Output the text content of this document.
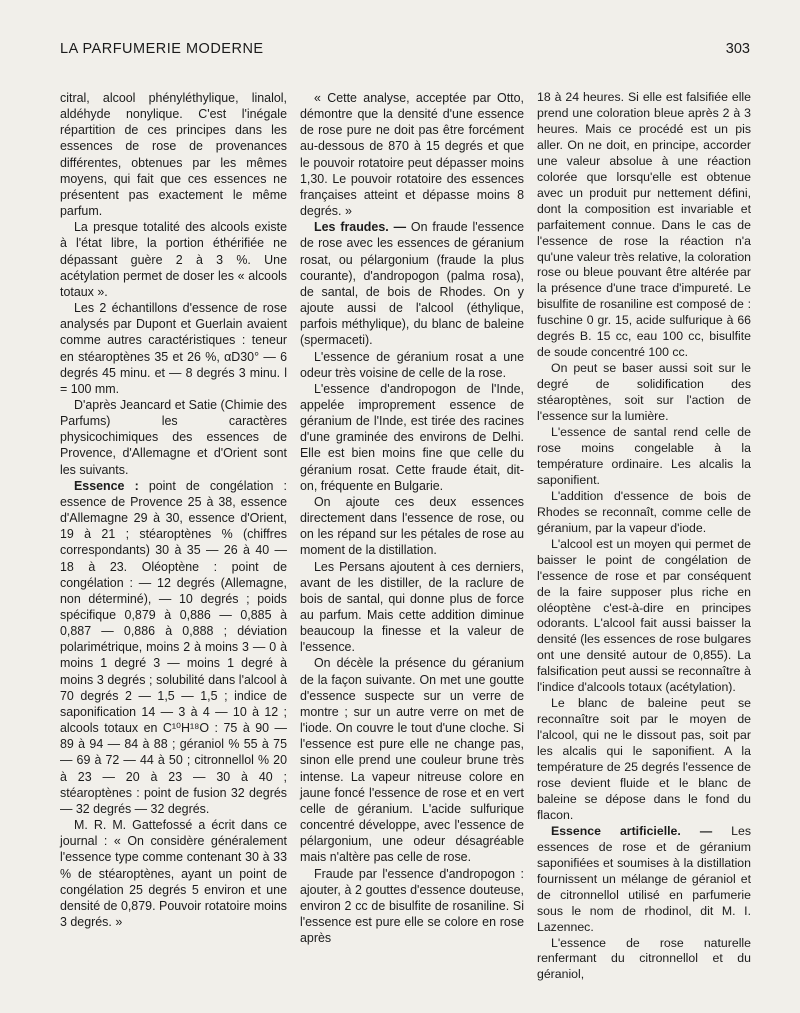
LA PARFUMERIE MODERNE	303

citral, alcool phényléthylique, linalol, aldéhyde nonylique. C'est l'inégale répartition de ces principes dans les essences de rose de provenances différentes, obtenues par les mêmes moyens, qui fait que ces essences ne présentent pas exactement le même parfum.

La presque totalité des alcools existe à l'état libre, la portion éthérifiée ne dépassant guère 2 à 3 %. Une acétylation permet de doser les « alcools totaux ».

Les 2 échantillons d'essence de rose analysés par Dupont et Guerlain avaient comme autres caractéristiques : teneur en stéaroptènes 35 et 26 %, αD30° — 6 degrés 45 minu. et — 8 degrés 3 minu. l = 100 mm.

D'après Jeancard et Satie (Chimie des Parfums) les caractères physicochimiques des essences de Provence, d'Allemagne et d'Orient sont les suivants.

Essence : point de congélation : essence de Provence 25 à 38, essence d'Allemagne 29 à 30, essence d'Orient, 19 à 21 ; stéaroptènes % (chiffres correspondants) 30 à 35 — 26 à 40 — 18 à 23. Oléoptène : point de congélation : — 12 degrés (Allemagne, non déterminé), — 10 degrés ; poids spécifique 0,879 à 0,886 — 0,885 à 0,887 — 0,886 à 0,888 ; déviation polarimétrique, moins 2 à moins 3 — 0 à moins 1 degré 3 — moins 1 degré à moins 3 degrés ; solubilité dans l'alcool à 70 degrés 2 — 1,5 — 1,5 ; indice de saponification 14 — 3 à 4 — 10 à 12 ; alcools totaux en C¹⁰H¹⁸O : 75 à 90 — 89 à 94 — 84 à 88 ; géraniol % 55 à 75 — 69 à 72 — 44 à 50 ; citronnellol % 20 à 23 — 20 à 23 — 30 à 40 ; stéaroptènes : point de fusion 32 degrés — 32 degrés — 32 degrés.

M. R. M. Gattefossé a écrit dans ce journal : « On considère généralement l'essence type comme contenant 30 à 33 % de stéaroptènes, ayant un point de congélation 25 degrés 5 environ et une densité de 0,879. Pouvoir rotatoire moins 3 degrés. »

« Cette analyse, acceptée par Otto, démontre que la densité d'une essence de rose pure ne doit pas être forcément au-dessous de 870 à 15 degrés et que le pouvoir rotatoire peut dépasser moins 1,30. Le pouvoir rotatoire des essences françaises atteint et dépasse moins 8 degrés. »

Les fraudes. — On fraude l'essence de rose avec les essences de géranium rosat, ou pélargonium (fraude la plus courante), d'andropogon (palma rosa), de santal, de bois de Rhodes. On y ajoute aussi de l'alcool (éthylique, parfois méthylique), du blanc de baleine (spermaceti).

L'essence de géranium rosat a une odeur très voisine de celle de la rose.

L'essence d'andropogon de l'Inde, appelée improprement essence de géranium de l'Inde, est tirée des racines d'une graminée des environs de Delhi. Elle est bien moins fine que celle du géranium rosat. Cette fraude était, dit-on, fréquente en Bulgarie.

On ajoute ces deux essences directement dans l'essence de rose, ou on les répand sur les pétales de rose au moment de la distillation.

Les Persans ajoutent à ces derniers, avant de les distiller, de la raclure de bois de santal, qui donne plus de force au parfum. Mais cette addition diminue beaucoup la finesse et la valeur de l'essence.

On décèle la présence du géranium de la façon suivante. On met une goutte d'essence suspecte sur un verre de montre ; sur un autre verre on met de l'iode. On couvre le tout d'une cloche. Si l'essence est pure elle ne change pas, sinon elle prend une couleur brune très intense. La vapeur nitreuse colore en jaune foncé l'essence de rose et en vert celle de géranium. L'acide sulfurique concentré développe, avec l'essence de pélargonium, une odeur désagréable mais n'altère pas celle de rose.

Fraude par l'essence d'andropogon : ajouter, à 2 gouttes d'essence douteuse, environ 2 cc de bisulfite de rosaniline. Si l'essence est pure elle se colore en rose après

18 à 24 heures. Si elle est falsifiée elle prend une coloration bleue après 2 à 3 heures. Mais ce procédé est un pis aller. On ne doit, en principe, accorder une valeur absolue à une réaction colorée que lorsqu'elle est obtenue avec un produit pur nettement défini, dont la composition est invariable et parfaitement connue. Dans le cas de l'essence de rose la réaction n'a qu'une valeur très relative, la coloration rose ou bleue pouvant être altérée par la présence d'une trace d'impureté. Le bisulfite de rosaniline est composé de : fuschine 0 gr. 15, acide sulfurique à 66 degrés B. 15 cc, eau 100 cc, bisulfite de soude concentré 100 cc.

On peut se baser aussi soit sur le degré de solidification des stéaroptènes, soit sur l'action de l'essence sur la lumière.

L'essence de santal rend celle de rose moins congelable à la température ordinaire. Les alcalis la saponifient.

L'addition d'essence de bois de Rhodes se reconnaît, comme celle de géranium, par la vapeur d'iode.

L'alcool est un moyen qui permet de baisser le point de congélation de l'essence de rose et par conséquent de la faire supposer plus riche en oléoptène c'est-à-dire en principes odorants. L'alcool fait aussi baisser la densité (les essences de rose bulgares ont une densité autour de 0,855). La falsification peut aussi se reconnaître à l'indice d'alcools totaux (acétylation).

Le blanc de baleine peut se reconnaître soit par le moyen de l'alcool, qui ne le dissout pas, soit par les alcalis qui le saponifient. A la température de 25 degrés l'essence de rose devient fluide et le blanc de baleine se dépose dans le fond du flacon.

Essence artificielle. — Les essences de rose et de géranium saponifiées et soumises à la distillation fournissent un mélange de géraniol et de citronnellol utilisé en parfumerie sous le nom de rhodinol, dit M. I. Lazennec.

L'essence de rose naturelle renfermant du citronnellol et du géraniol,
